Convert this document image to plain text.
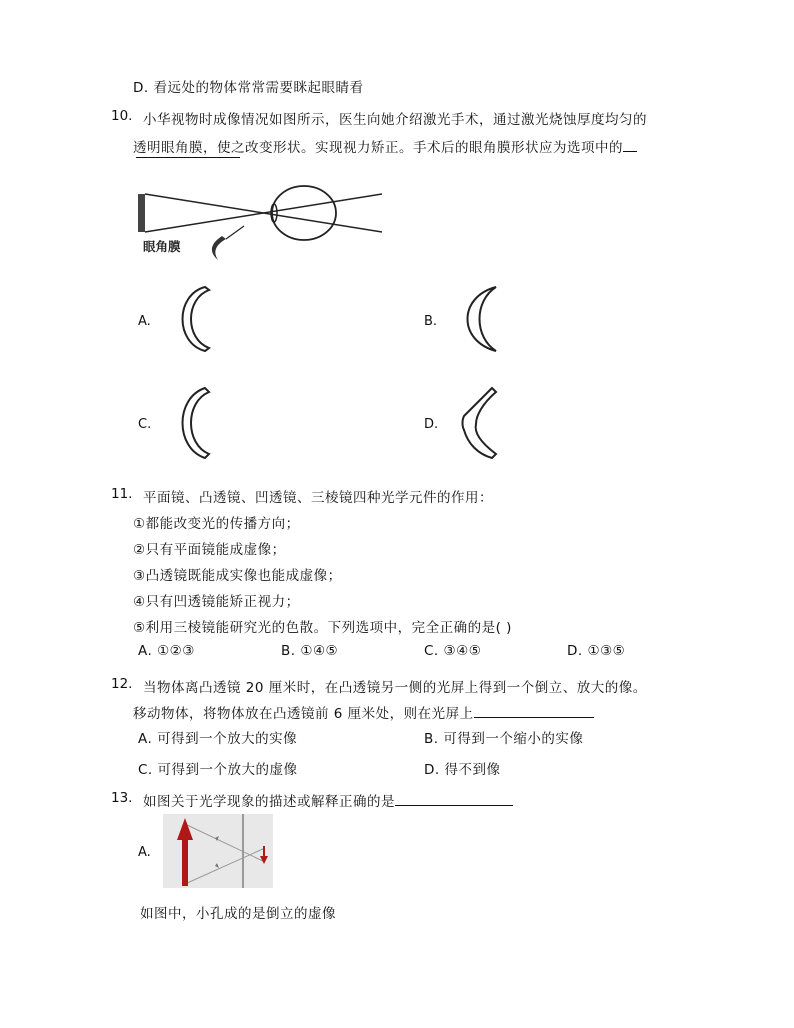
D. 看远处的物体常常需要眯起眼睛看
10. 小华视物时成像情况如图所示，医生向她介绍激光手术，通过激光烧蚀厚度均匀的
透明眼角膜，使之改变形状。实现视力矫正。手术后的眼角膜形状应为选项中的
眼角膜
A.	B.
C.	D.
11. 平面镜、凸透镜、凹透镜、三棱镜四种光学元件的作用：
①都能改变光的传播方向；
②只有平面镜能成虚像；
③凸透镜既能成实像也能成虚像；
④只有凹透镜能矫正视力；
⑤利用三棱镜能研究光的色散。下列选项中，完全正确的是( )
A. ①②③	B. ①④⑤	C. ③④⑤	D. ①③⑤
12. 当物体离凸透镜 20 厘米时，在凸透镜另一侧的光屏上得到一个倒立、放大的像。
移动物体，将物体放在凸透镜前 6 厘米处，则在光屏上
A. 可得到一个放大的实像	B. 可得到一个缩小的实像
C. 可得到一个放大的虚像	D. 得不到像
13. 如图关于光学现象的描述或解释正确的是
A.
如图中，小孔成的是倒立的虚像
